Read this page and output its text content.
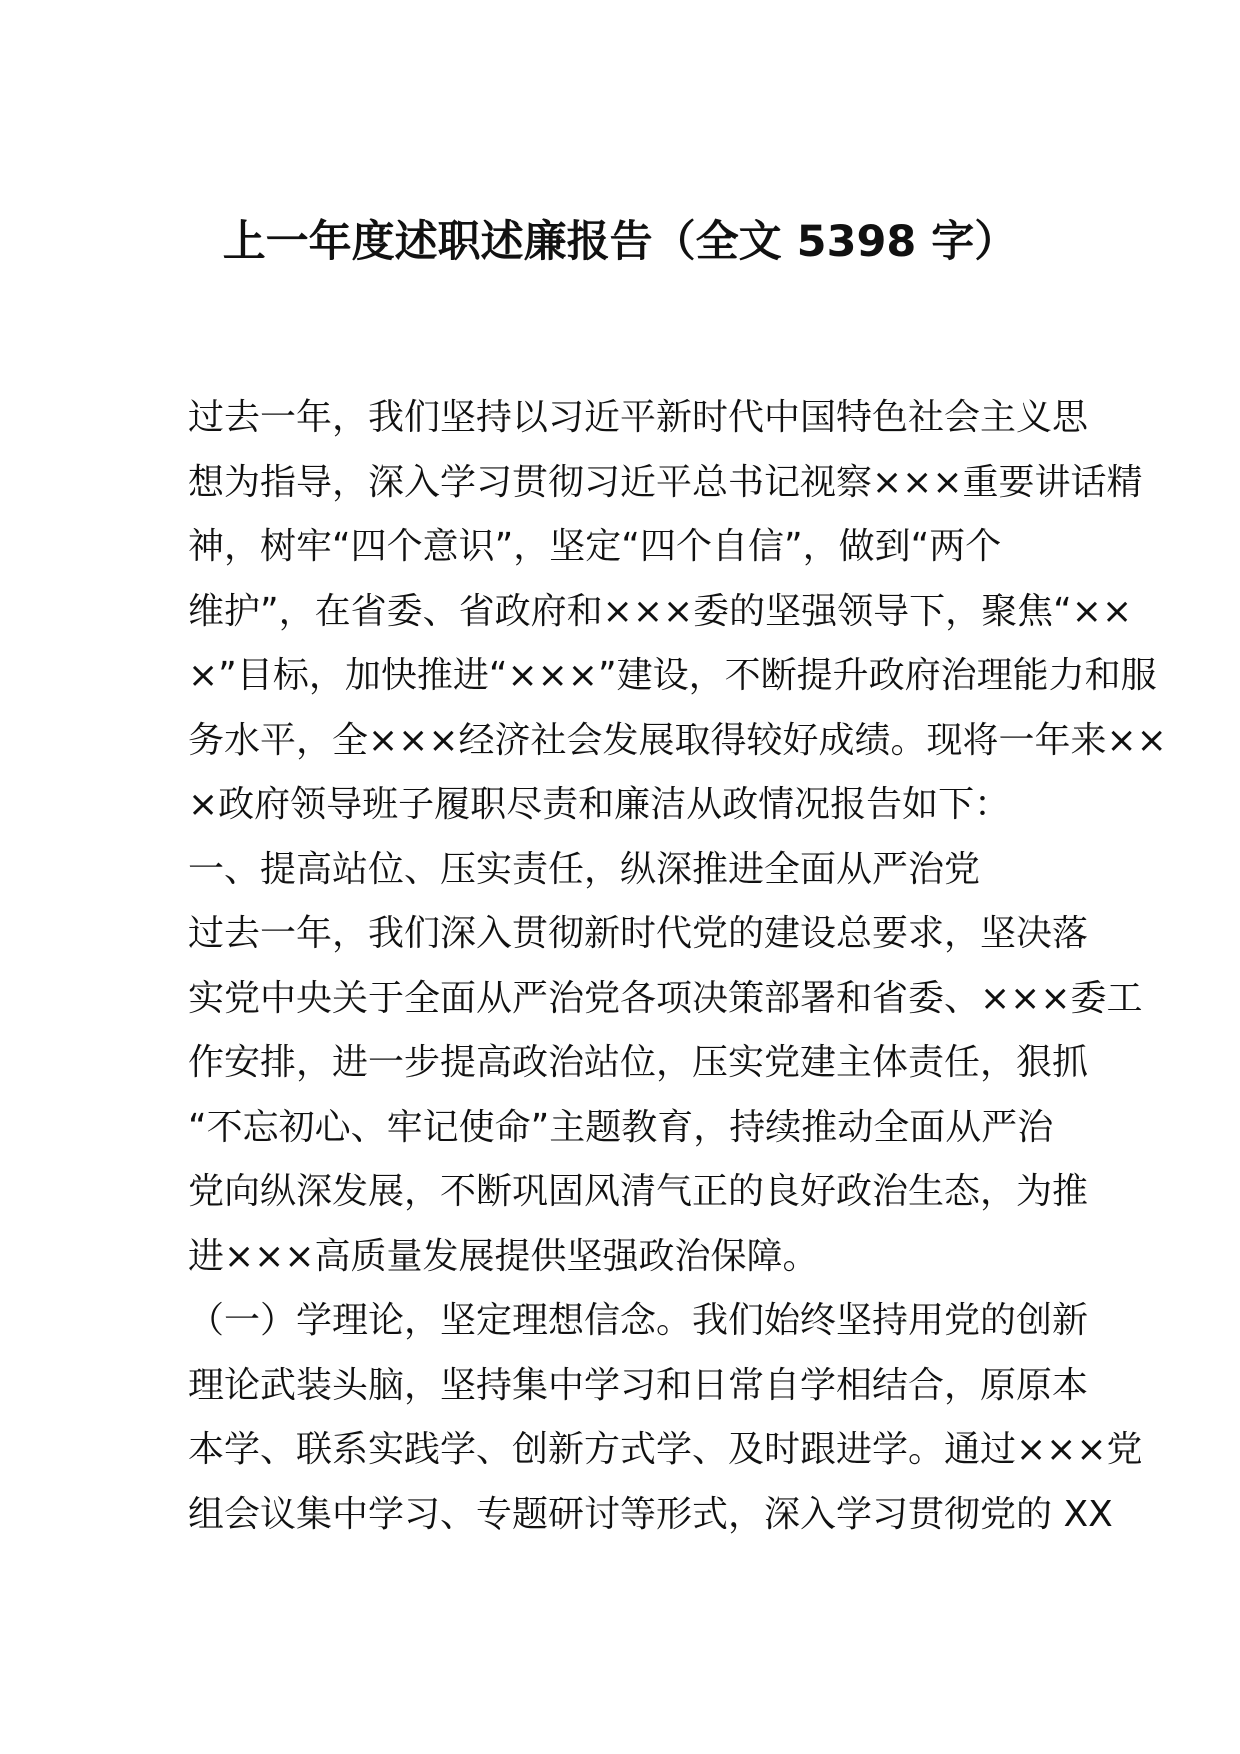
上一年度述职述廉报告（全文 5398 字）
过去一年，我们坚持以习近平新时代中国特色社会主义思
想为指导，深入学习贯彻习近平总书记视察×××重要讲话精
神，树牢“四个意识”，坚定“四个自信”，做到“两个
维护”，在省委、省政府和×××委的坚强领导下，聚焦“××
×”目标，加快推进“×××”建设，不断提升政府治理能力和服
务水平，全×××经济社会发展取得较好成绩。现将一年来××
×政府领导班子履职尽责和廉洁从政情况报告如下：
一、提高站位、压实责任，纵深推进全面从严治党
过去一年，我们深入贯彻新时代党的建设总要求，坚决落
实党中央关于全面从严治党各项决策部署和省委、×××委工
作安排，进一步提高政治站位，压实党建主体责任，狠抓
“不忘初心、牢记使命”主题教育，持续推动全面从严治
党向纵深发展，不断巩固风清气正的良好政治生态，为推
进×××高质量发展提供坚强政治保障。
（一）学理论，坚定理想信念。我们始终坚持用党的创新
理论武装头脑，坚持集中学习和日常自学相结合，原原本
本学、联系实践学、创新方式学、及时跟进学。通过×××党
组会议集中学习、专题研讨等形式，深入学习贯彻党的 XX
